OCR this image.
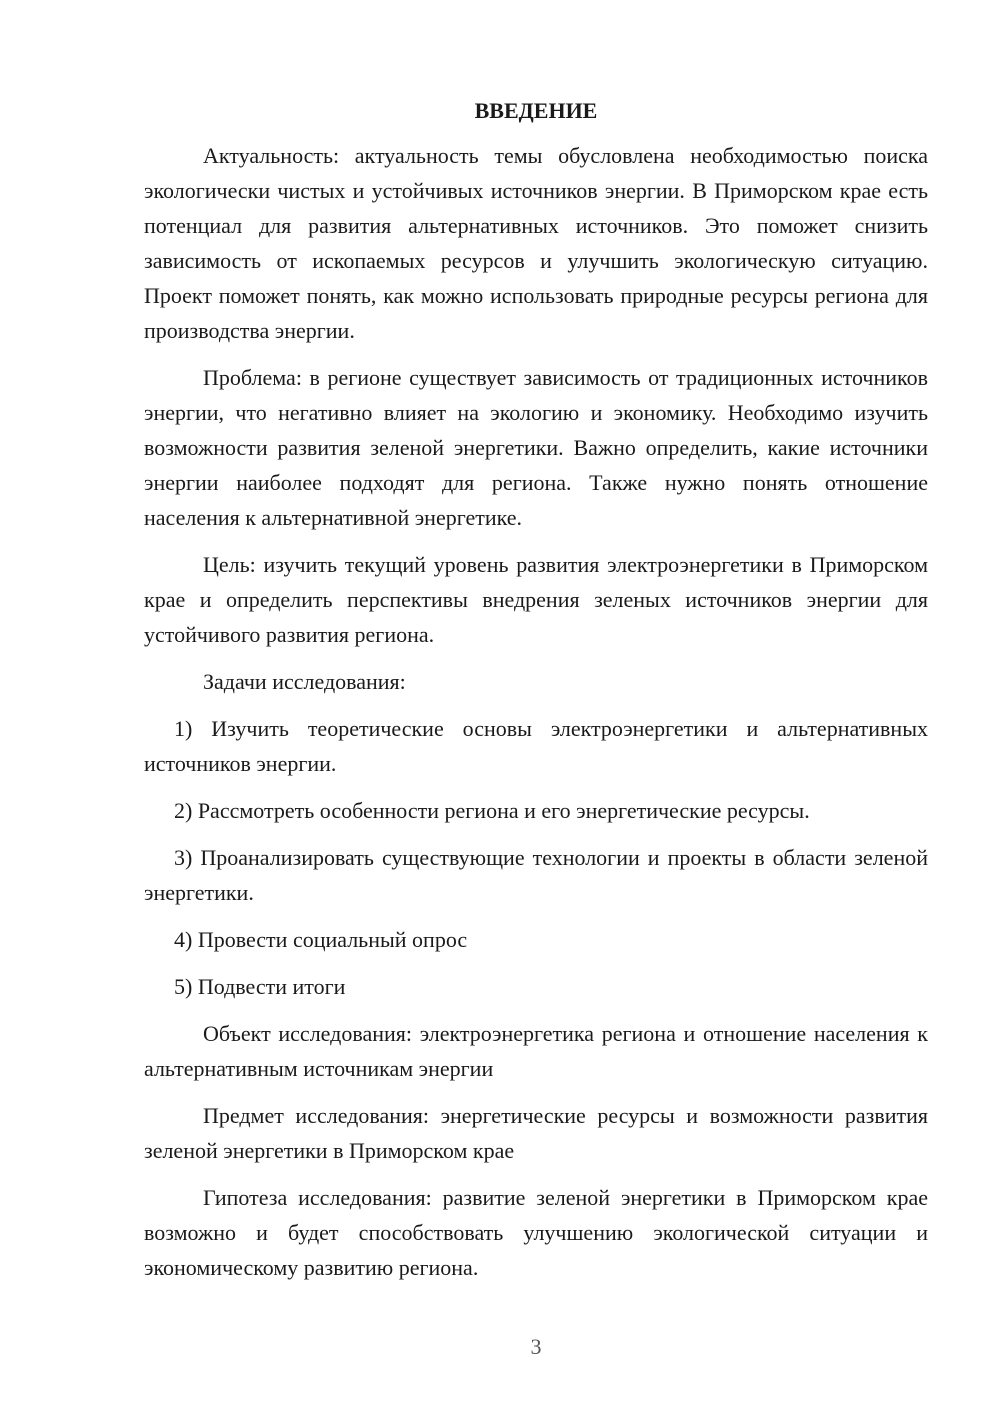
ВВЕДЕНИЕ

Актуальность: актуальность темы обусловлена необходимостью поиска экологически чистых и устойчивых источников энергии. В Приморском крае есть потенциал для развития альтернативных источников. Это поможет снизить зависимость от ископаемых ресурсов и улучшить экологическую ситуацию. Проект поможет понять, как можно использовать природные ресурсы региона для производства энергии.

Проблема: в регионе существует зависимость от традиционных источников энергии, что негативно влияет на экологию и экономику. Необходимо изучить возможности развития зеленой энергетики. Важно определить, какие источники энергии наиболее подходят для региона. Также нужно понять отношение населения к альтернативной энергетике.

Цель: изучить текущий уровень развития электроэнергетики в Приморском крае и определить перспективы внедрения зеленых источников энергии для устойчивого развития региона.

Задачи исследования:

1) Изучить теоретические основы электроэнергетики и альтернативных источников энергии.

2) Рассмотреть особенности региона и его энергетические ресурсы.

3) Проанализировать существующие технологии и проекты в области зеленой энергетики.

4) Провести социальный опрос

5) Подвести итоги

Объект исследования: электроэнергетика региона и отношение населения к альтернативным источникам энергии

Предмет исследования: энергетические ресурсы и возможности развития зеленой энергетики в Приморском крае

Гипотеза исследования: развитие зеленой энергетики в Приморском крае возможно и будет способствовать улучшению экологической ситуации и экономическому развитию региона.

3
